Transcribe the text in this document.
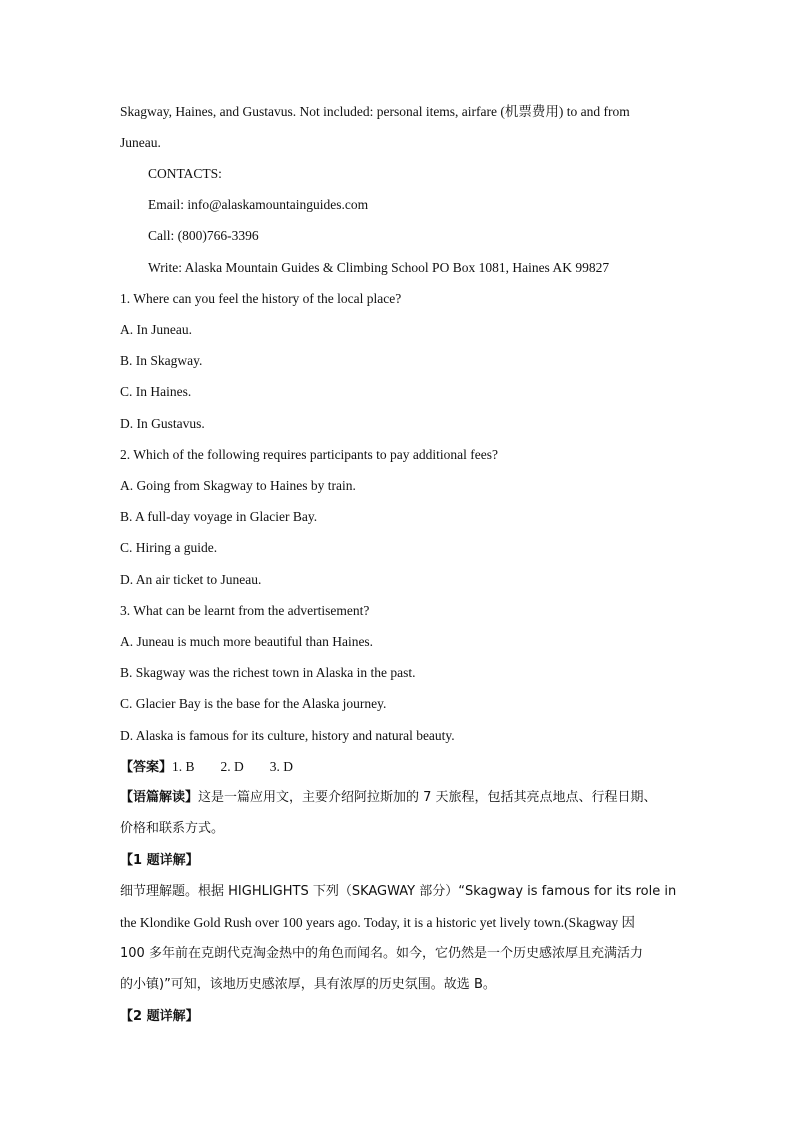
Skagway, Haines, and Gustavus. Not included: personal items, airfare (机票费用) to and from
Juneau.
CONTACTS:
Email: info@alaskamountainguides.com
Call: (800)766-3396
Write: Alaska Mountain Guides & Climbing School PO Box 1081, Haines AK 99827
1. Where can you feel the history of the local place?
A. In Juneau.
B. In Skagway.
C. In Haines.
D. In Gustavus.
2. Which of the following requires participants to pay additional fees?
A. Going from Skagway to Haines by train.
B. A full-day voyage in Glacier Bay.
C. Hiring a guide.
D. An air ticket to Juneau.
3. What can be learnt from the advertisement?
A. Juneau is much more beautiful than Haines.
B. Skagway was the richest town in Alaska in the past.
C. Glacier Bay is the base for the Alaska journey.
D. Alaska is famous for its culture, history and natural beauty.
【答案】1. B 2. D 3. D
【语篇解读】这是一篇应用文，主要介绍阿拉斯加的 7 天旅程，包括其亮点地点、行程日期、
价格和联系方式。
【1 题详解】
细节理解题。根据 HIGHLIGHTS 下列（SKAGWAY 部分）“Skagway is famous for its role in
the Klondike Gold Rush over 100 years ago. Today, it is a historic yet lively town.(Skagway 因
100 多年前在克朗代克淘金热中的角色而闻名。如今，它仍然是一个历史感浓厚且充满活力
的小镇)”可知，该地历史感浓厚，具有浓厚的历史氛围。故选 B。
【2 题详解】
